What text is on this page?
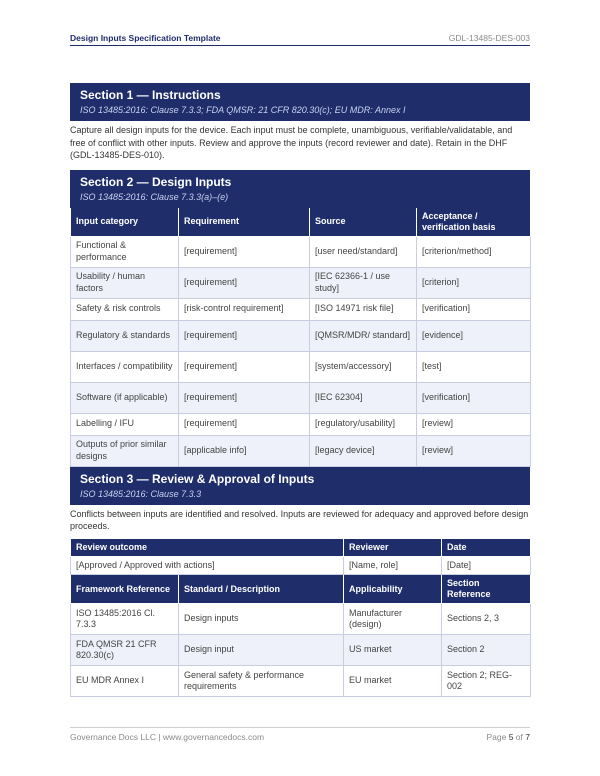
Design Inputs Specification Template	GDL-13485-DES-003
Section 1 — Instructions
ISO 13485:2016: Clause 7.3.3; FDA QMSR: 21 CFR 820.30(c); EU MDR: Annex I

Capture all design inputs for the device. Each input must be complete, unambiguous, verifiable/validatable, and free of conflict with other inputs. Review and approve the inputs (record reviewer and date). Retain in the DHF (GDL-13485-DES-010).

Section 2 — Design Inputs
ISO 13485:2016: Clause 7.3.3(a)–(e)
Input category	Requirement	Source	Acceptance / verification basis
Functional & performance	[requirement]	[user need/standard]	[criterion/method]
Usability / human factors	[requirement]	[IEC 62366-1 / use study]	[criterion]
Safety & risk controls	[risk-control requirement]	[ISO 14971 risk file]	[verification]
Regulatory & standards	[requirement]	[QMSR/MDR/ standard]	[evidence]
Interfaces / compatibility	[requirement]	[system/accessory]	[test]
Software (if applicable)	[requirement]	[IEC 62304]	[verification]
Labelling / IFU	[requirement]	[regulatory/usability]	[review]
Outputs of prior similar designs	[applicable info]	[legacy device]	[review]
Section 3 — Review & Approval of Inputs
ISO 13485:2016: Clause 7.3.3

Conflicts between inputs are identified and resolved. Inputs are reviewed for adequacy and approved before design proceeds.

Review outcome	Reviewer	Date
[Approved / Approved with actions]	[Name, role]	[Date]
Framework Reference	Standard / Description	Applicability	Section Reference
ISO 13485:2016 Cl. 7.3.3	Design inputs	Manufacturer (design)	Sections 2, 3
FDA QMSR 21 CFR 820.30(c)	Design input	US market	Section 2
EU MDR Annex I	General safety & performance requirements	EU market	Section 2; REG-002
Governance Docs LLC | www.governancedocs.com	Page 5 of 7
